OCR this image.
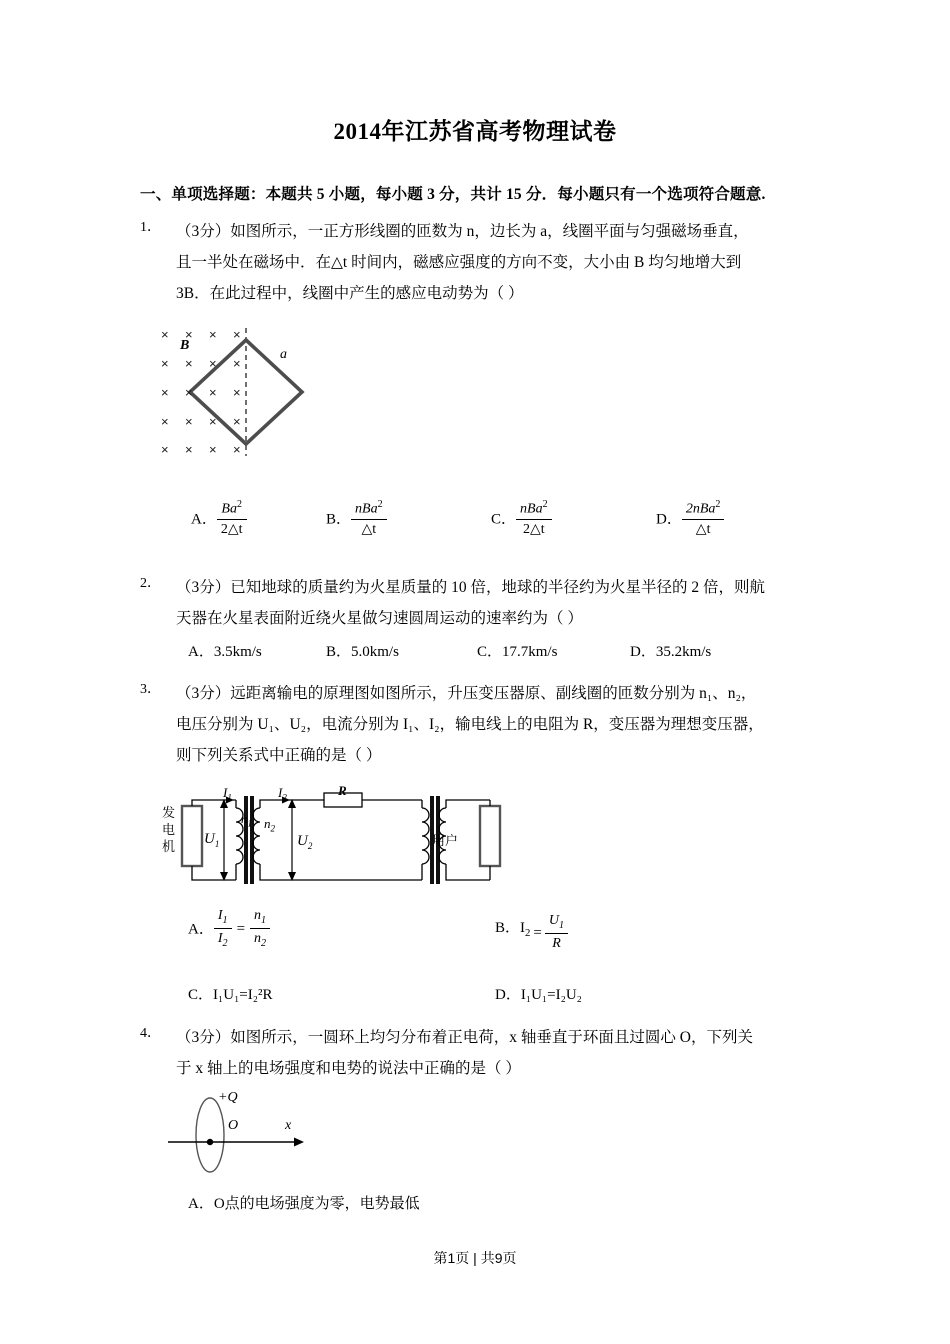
2014年江苏省高考物理试卷
一、单项选择题：本题共 5 小题，每小题 3 分，共计 15 分．每小题只有一个选项符合题意.
1． （3分）如图所示，一正方形线圈的匝数为 n，边长为 a，线圈平面与匀强磁场垂直，
且一半处在磁场中．在△t 时间内，磁感应强度的方向不变，大小由 B 均匀地增大到
3B．在此过程中，线圈中产生的感应电动势为（ ）
B
a
× × × ×
× × × ×
× × × ×
× × × ×
× × × ×
A． $\frac{Ba^2}{2\triangle t}$	B． $\frac{nBa^2}{\triangle t}$	C． $\frac{nBa^2}{2\triangle t}$	D． $\frac{2nBa^2}{\triangle t}$
2． （3分）已知地球的质量约为火星质量的 10 倍，地球的半径约为火星半径的 2 倍，则航
天器在火星表面附近绕火星做匀速圆周运动的速率约为（ ）
A．3.5km/s	B．5.0km/s	C．17.7km/s	D．35.2km/s
3． （3分）远距离输电的原理图如图所示，升压变压器原、副线圈的匝数分别为 n₁、n₂，
电压分别为 U₁、U₂，电流分别为 I₁、I₂，输电线上的电阻为 R，变压器为理想变压器，
则下列关系式中正确的是（ ）
发电机
$I_1$	$I_2$	R
$U_1$	$U_2$
$n_1$ $n_2$
用户
A． $\frac{I_1}{I_2} = \frac{n_1}{n_2}$	B．$I_2 = \frac{U_1}{R}$
C．I₁U₁=I₂²R	D．I₁U₁=I₂U₂
4． （3分）如图所示，一圆环上均匀分布着正电荷，x 轴垂直于环面且过圆心 O，下列关
于 x 轴上的电场强度和电势的说法中正确的是（ ）
+Q
O	x
A．O点的电场强度为零，电势最低
第1页 | 共9页
